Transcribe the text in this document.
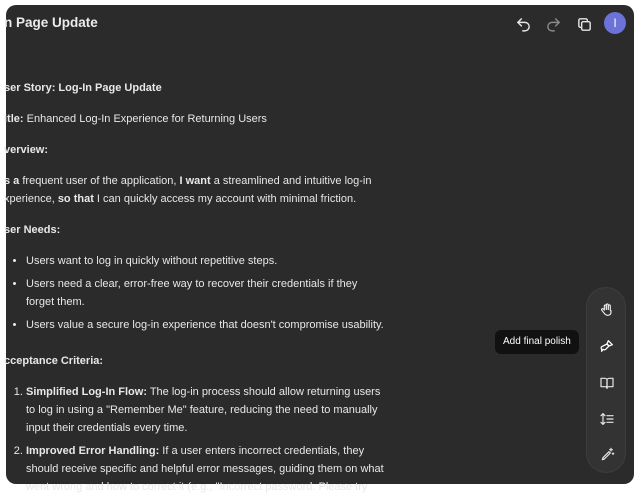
n Page Update	I

ser Story: Log-In Page Update

itle: Enhanced Log-In Experience for Returning Users

verview:

s a frequent user of the application, I want a streamlined and intuitive log-in xperience, so that I can quickly access my account with minimal friction.

ser Needs:

• Users want to log in quickly without repetitive steps.
• Users need a clear, error-free way to recover their credentials if they forget them.
• Users value a secure log-in experience that doesn't compromise usability.

cceptance Criteria:

1. Simplified Log-In Flow: The log-in process should allow returning users to log in using a "Remember Me" feature, reducing the need to manually input their credentials every time.
2. Improved Error Handling: If a user enters incorrect credentials, they should receive specific and helpful error messages, guiding them on what went wrong and how to correct it (e.g., "Incorrect password. Please try
Add final polish
